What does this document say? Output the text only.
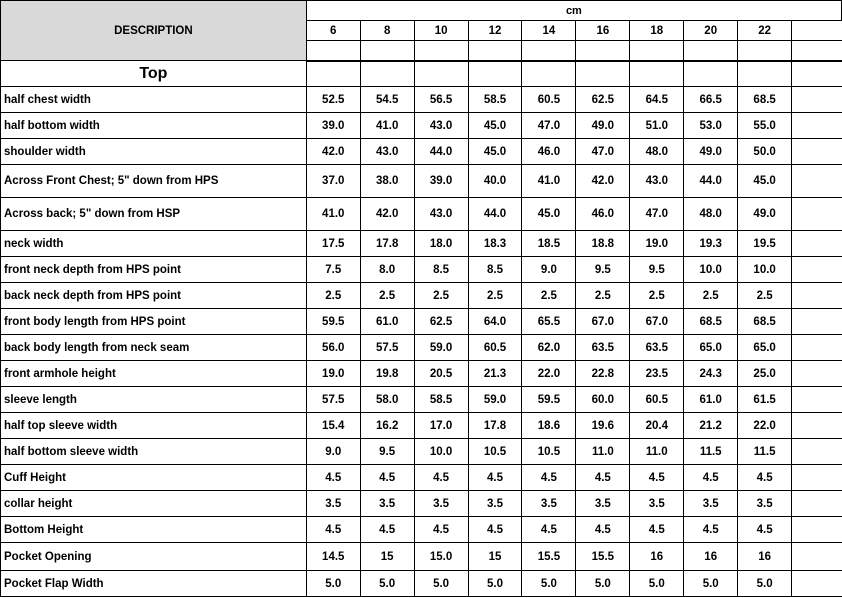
DESCRIPTION	cm									
	6	8	10	12	14	16	18	20	22	

Top										
half chest width	52.5	54.5	56.5	58.5	60.5	62.5	64.5	66.5	68.5	
half bottom width	39.0	41.0	43.0	45.0	47.0	49.0	51.0	53.0	55.0	
shoulder width	42.0	43.0	44.0	45.0	46.0	47.0	48.0	49.0	50.0	
Across Front Chest; 5" down from HPS	37.0	38.0	39.0	40.0	41.0	42.0	43.0	44.0	45.0	
Across back; 5" down from HSP	41.0	42.0	43.0	44.0	45.0	46.0	47.0	48.0	49.0	
neck width	17.5	17.8	18.0	18.3	18.5	18.8	19.0	19.3	19.5	
front neck depth from HPS point	7.5	8.0	8.5	8.5	9.0	9.5	9.5	10.0	10.0	
back neck depth from HPS point	2.5	2.5	2.5	2.5	2.5	2.5	2.5	2.5	2.5	
front body length from HPS point	59.5	61.0	62.5	64.0	65.5	67.0	67.0	68.5	68.5	
back body length from neck seam	56.0	57.5	59.0	60.5	62.0	63.5	63.5	65.0	65.0	
front armhole height	19.0	19.8	20.5	21.3	22.0	22.8	23.5	24.3	25.0	
sleeve length	57.5	58.0	58.5	59.0	59.5	60.0	60.5	61.0	61.5	
half top sleeve width	15.4	16.2	17.0	17.8	18.6	19.6	20.4	21.2	22.0	
half bottom sleeve width	9.0	9.5	10.0	10.5	10.5	11.0	11.0	11.5	11.5	
Cuff Height	4.5	4.5	4.5	4.5	4.5	4.5	4.5	4.5	4.5	
collar height	3.5	3.5	3.5	3.5	3.5	3.5	3.5	3.5	3.5	
Bottom Height	4.5	4.5	4.5	4.5	4.5	4.5	4.5	4.5	4.5	
Pocket Opening	14.5	15	15.0	15	15.5	15.5	16	16	16	
Pocket Flap Width	5.0	5.0	5.0	5.0	5.0	5.0	5.0	5.0	5.0	
